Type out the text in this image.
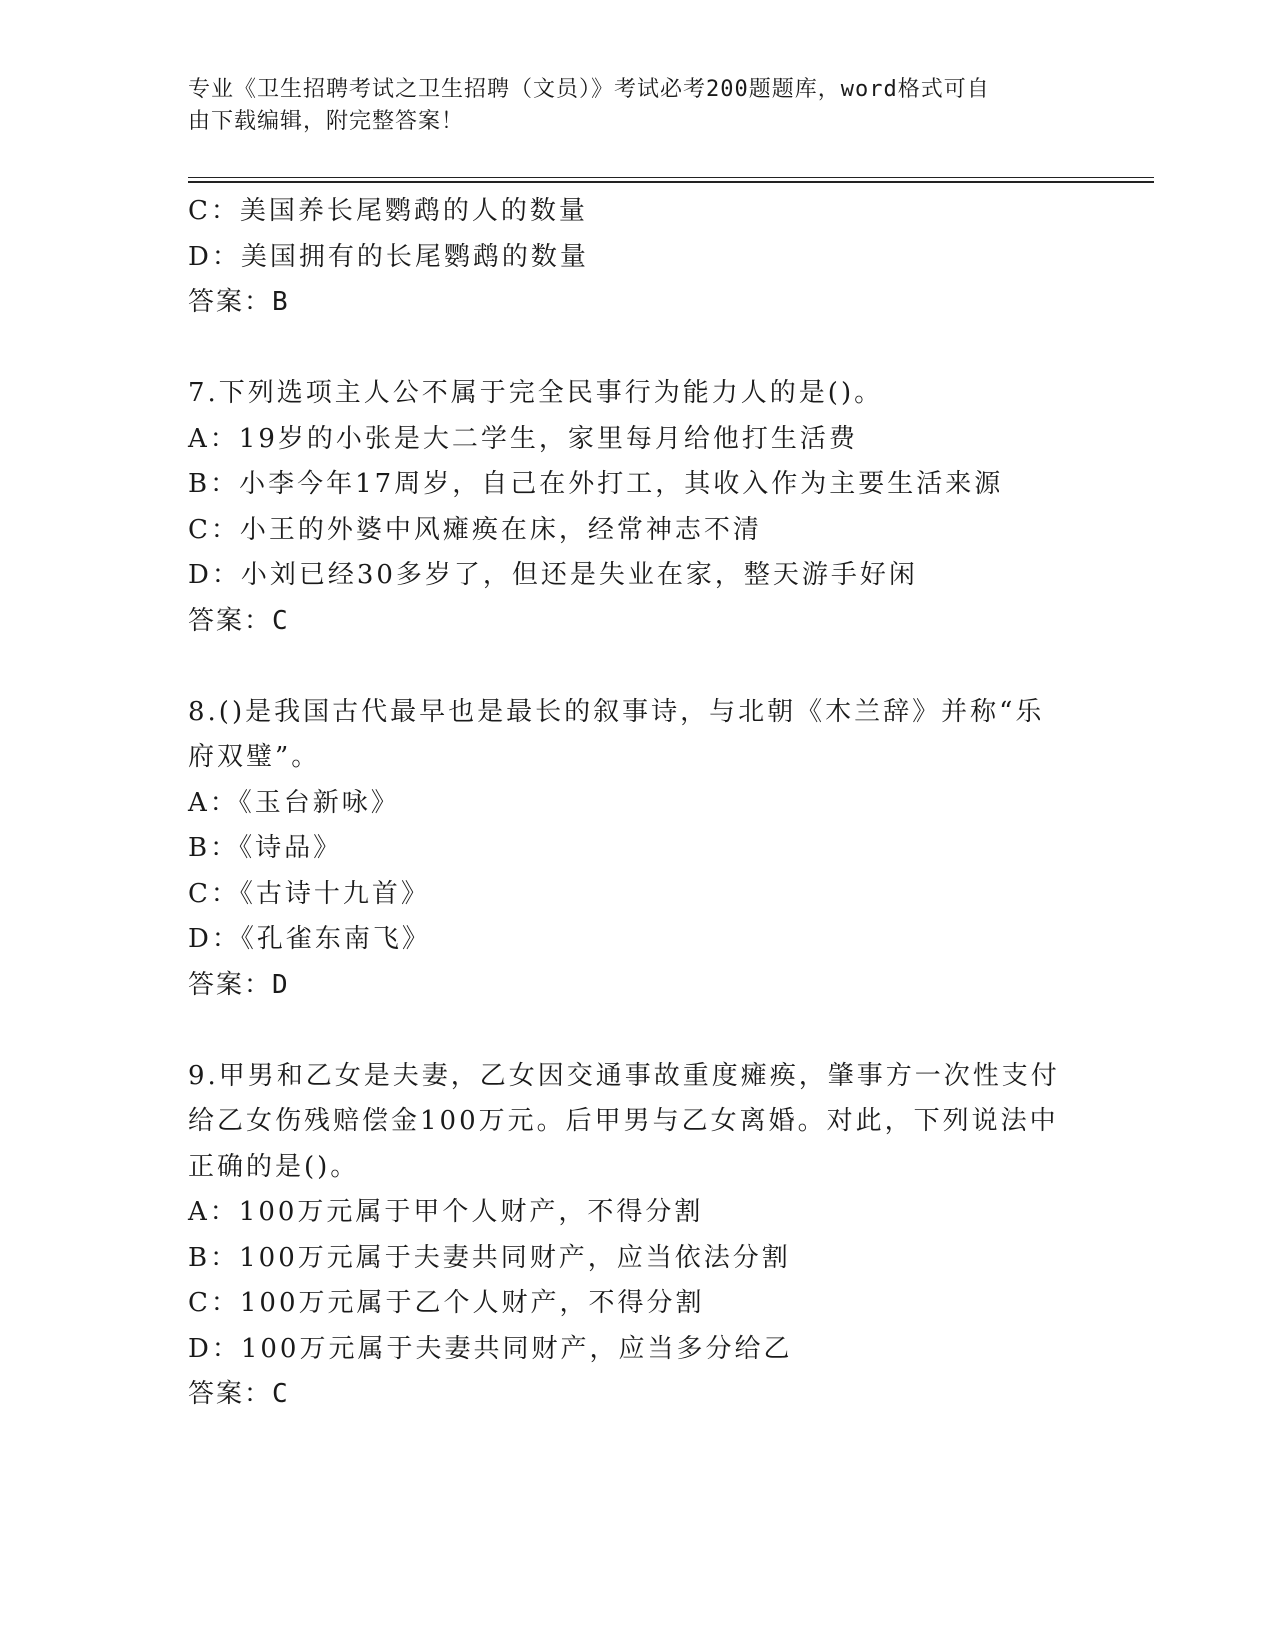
专业《卫生招聘考试之卫生招聘（文员）》考试必考200题题库，word格式可自
由下载编辑，附完整答案！
C：美国养长尾鹦鹉的人的数量
D：美国拥有的长尾鹦鹉的数量
答案：B
7.下列选项主人公不属于完全民事行为能力人的是()。
A：19岁的小张是大二学生，家里每月给他打生活费
B：小李今年17周岁，自己在外打工，其收入作为主要生活来源
C：小王的外婆中风瘫痪在床，经常神志不清
D：小刘已经30多岁了，但还是失业在家，整天游手好闲
答案：C
8.()是我国古代最早也是最长的叙事诗，与北朝《木兰辞》并称“乐
府双璧”。
A：《玉台新咏》
B：《诗品》
C：《古诗十九首》
D：《孔雀东南飞》
答案：D
9.甲男和乙女是夫妻，乙女因交通事故重度瘫痪，肇事方一次性支付
给乙女伤残赔偿金100万元。后甲男与乙女离婚。对此，下列说法中
正确的是()。
A：100万元属于甲个人财产，不得分割
B：100万元属于夫妻共同财产，应当依法分割
C：100万元属于乙个人财产，不得分割
D：100万元属于夫妻共同财产，应当多分给乙
答案：C
